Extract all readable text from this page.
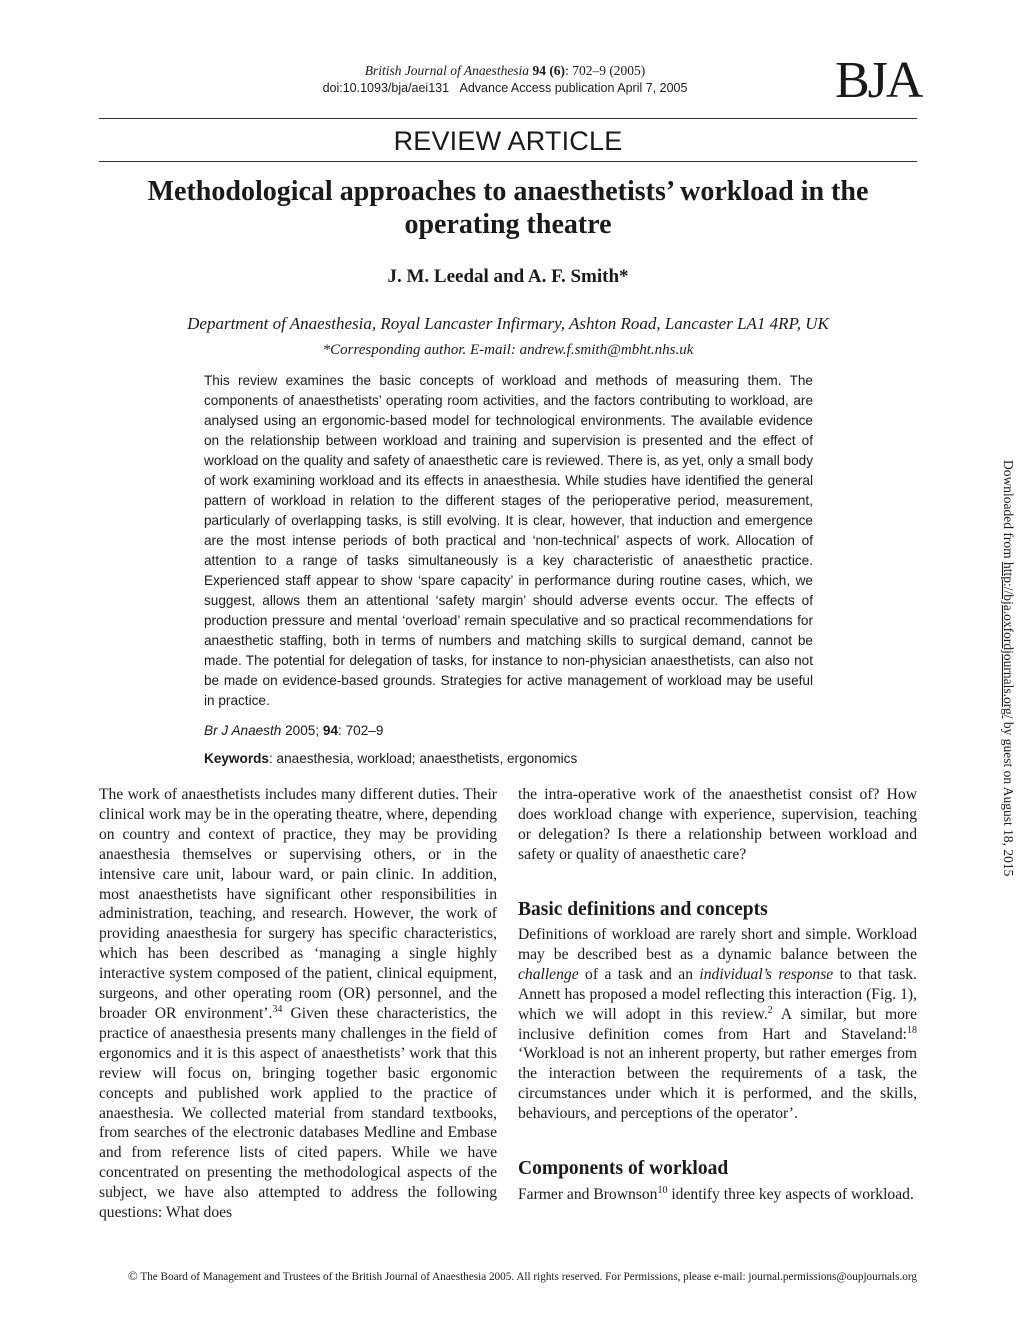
British Journal of Anaesthesia 94 (6): 702–9 (2005)
doi:10.1093/bja/aei131 Advance Access publication April 7, 2005	BJA
REVIEW ARTICLE
Methodological approaches to anaesthetists’ workload in the operating theatre
J. M. Leedal and A. F. Smith*
Department of Anaesthesia, Royal Lancaster Infirmary, Ashton Road, Lancaster LA1 4RP, UK
*Corresponding author. E-mail: andrew.f.smith@mbht.nhs.uk
This review examines the basic concepts of workload and methods of measuring them. The components of anaesthetists’ operating room activities, and the factors contributing to workload, are analysed using an ergonomic-based model for technological environments. The available evidence on the relationship between workload and training and supervision is presented and the effect of workload on the quality and safety of anaesthetic care is reviewed. There is, as yet, only a small body of work examining workload and its effects in anaesthesia. While studies have identified the general pattern of workload in relation to the different stages of the perioperative period, measurement, particularly of overlapping tasks, is still evolving. It is clear, however, that induction and emergence are the most intense periods of both practical and ‘non-technical’ aspects of work. Allocation of attention to a range of tasks simultaneously is a key characteristic of anaesthetic practice. Experienced staff appear to show ‘spare capacity’ in performance during routine cases, which, we suggest, allows them an attentional ‘safety margin’ should adverse events occur. The effects of production pressure and mental ‘overload’ remain speculative and so practical recommendations for anaesthetic staffing, both in terms of numbers and matching skills to surgical demand, cannot be made. The potential for delegation of tasks, for instance to non-physician anaesthetists, can also not be made on evidence-based grounds. Strategies for active management of workload may be useful in practice.
Br J Anaesth 2005; 94: 702–9
Keywords: anaesthesia, workload; anaesthetists, ergonomics
The work of anaesthetists includes many different duties. Their clinical work may be in the operating theatre, where, depending on country and context of practice, they may be providing anaesthesia themselves or supervising others, or in the intensive care unit, labour ward, or pain clinic. In addition, most anaesthetists have significant other responsibilities in administration, teaching, and research. However, the work of providing anaesthesia for surgery has specific characteristics, which has been described as ‘managing a single highly interactive system composed of the patient, clinical equipment, surgeons, and other operating room (OR) personnel, and the broader OR environment’.$^{34}$ Given these characteristics, the practice of anaesthesia presents many challenges in the field of ergonomics and it is this aspect of anaesthetists’ work that this review will focus on, bringing together basic ergonomic concepts and published work applied to the practice of anaesthesia. We collected material from standard textbooks, from searches of the electronic databases Medline and Embase and from reference lists of cited papers. While we have concentrated on presenting the methodological aspects of the subject, we have also attempted to address the following questions: What does
the intra-operative work of the anaesthetist consist of? How does workload change with experience, supervision, teaching or delegation? Is there a relationship between workload and safety or quality of anaesthetic care?
Basic definitions and concepts
Definitions of workload are rarely short and simple. Workload may be described best as a dynamic balance between the challenge of a task and an individual’s response to that task. Annett has proposed a model reflecting this interaction (Fig. 1), which we will adopt in this review.$^2$ A similar, but more inclusive definition comes from Hart and Staveland:$^{18}$ ‘Workload is not an inherent property, but rather emerges from the interaction between the requirements of a task, the circumstances under which it is performed, and the skills, behaviours, and perceptions of the operator’.
Components of workload
Farmer and Brownson$^{10}$ identify three key aspects of workload.
Downloaded from http://bja.oxfordjournals.org/ by guest on August 18, 2015
© The Board of Management and Trustees of the British Journal of Anaesthesia 2005. All rights reserved. For Permissions, please e-mail: journal.permissions@oupjournals.org
